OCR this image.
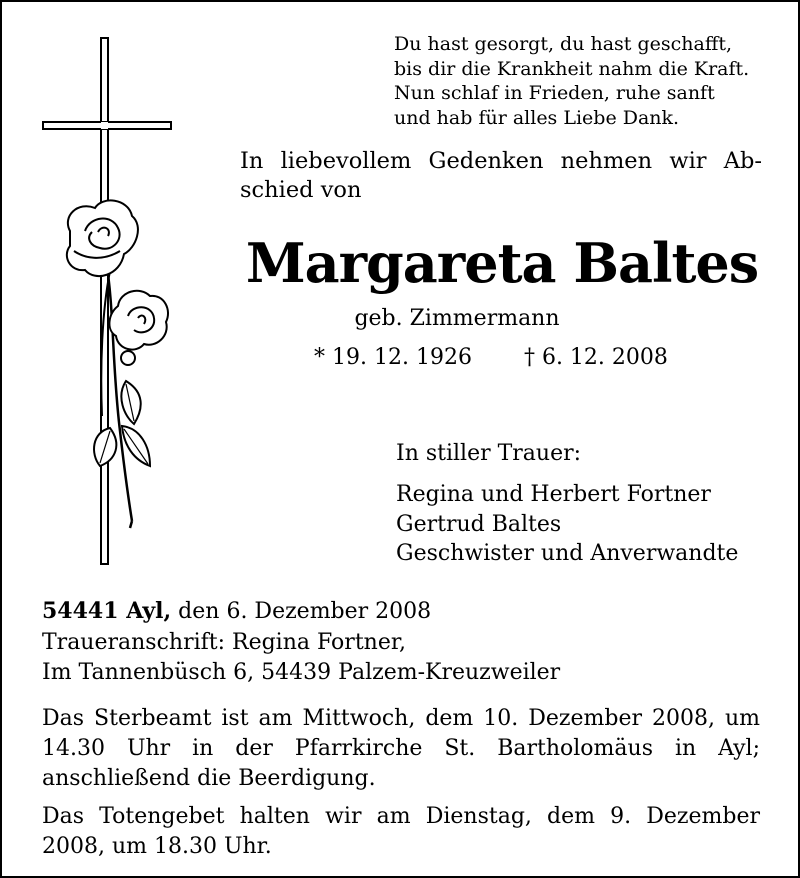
Du hast gesorgt, du hast geschafft,
bis dir die Krankheit nahm die Kraft.
Nun schlaf in Frieden, ruhe sanft
und hab für alles Liebe Dank.
In liebevollem Gedenken nehmen wir Ab-
schied von
Margareta Baltes
geb. Zimmermann
* 19. 12. 1926 † 6. 12. 2008
In stiller Trauer:
Regina und Herbert Fortner
Gertrud Baltes
Geschwister und Anverwandte
54441 Ayl, den 6. Dezember 2008
Traueranschrift: Regina Fortner,
Im Tannenbüsch 6, 54439 Palzem-Kreuzweiler
Das Sterbeamt ist am Mittwoch, dem 10. Dezember 2008, um 14.30 Uhr in der Pfarrkirche St. Bartholomäus in Ayl; anschließend die Beerdigung.
Das Totengebet halten wir am Dienstag, dem 9. Dezember 2008, um 18.30 Uhr.
